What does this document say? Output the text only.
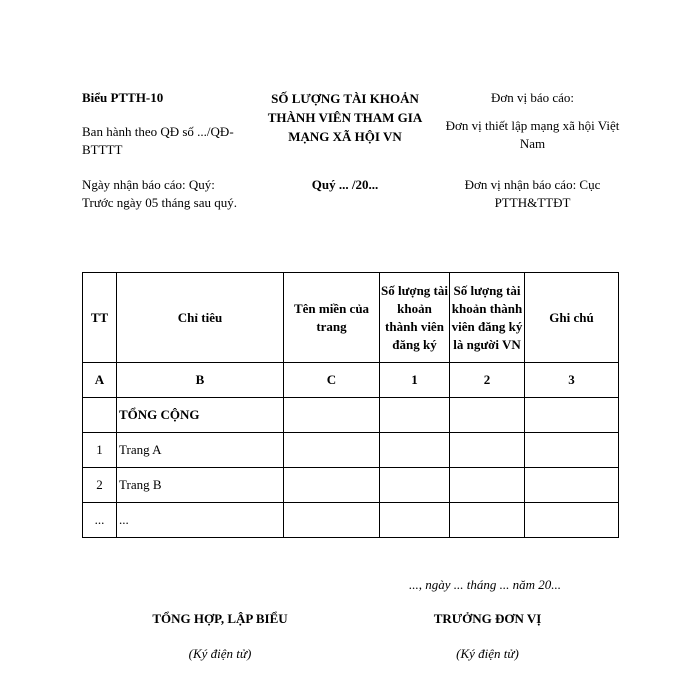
Biểu PTTH-10
Ban hành theo QĐ số .../QĐ-BTTTT
Ngày nhận báo cáo: Quý: Trước ngày 05 tháng sau quý.
SỐ LƯỢNG TÀI KHOẢN
THÀNH VIÊN THAM GIA
MẠNG XÃ HỘI VN
Quý ... /20...
Đơn vị báo cáo:
Đơn vị thiết lập mạng xã hội Việt Nam
Đơn vị nhận báo cáo: Cục PTTH&TTĐT
TT	Chỉ tiêu	Tên miền của trang	Số lượng tài khoản thành viên đăng ký	Số lượng tài khoản thành viên đăng ký là người VN	Ghi chú
A	B	C	1	2	3
	TỔNG CỘNG				
1	Trang A				
2	Trang B				
...	...				
..., ngày ... tháng ... năm 20...
TỔNG HỢP, LẬP BIỂU	TRƯỞNG ĐƠN VỊ
(Ký điện tử)	(Ký điện tử)
